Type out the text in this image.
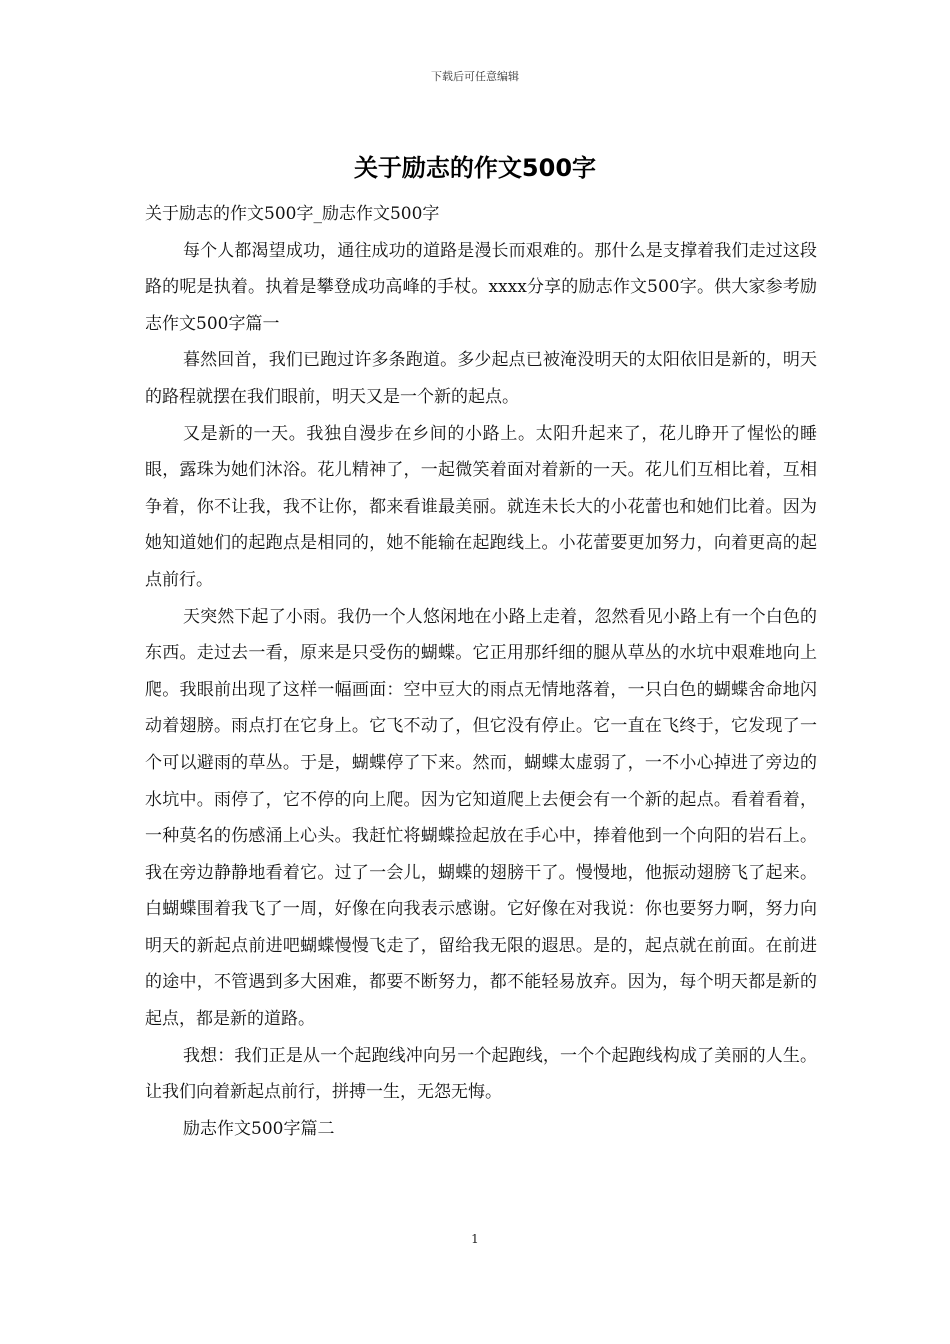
下载后可任意编辑
关于励志的作文500字

关于励志的作文500字_励志作文500字

每个人都渴望成功，通往成功的道路是漫长而艰难的。那什么是支撑着我们走过这段路的呢是执着。执着是攀登成功高峰的手杖。xxxx分享的励志作文500字。供大家参考励志作文500字篇一

暮然回首，我们已跑过许多条跑道。多少起点已被淹没明天的太阳依旧是新的，明天的路程就摆在我们眼前，明天又是一个新的起点。

又是新的一天。我独自漫步在乡间的小路上。太阳升起来了，花儿睁开了惺忪的睡眼，露珠为她们沐浴。花儿精神了，一起微笑着面对着新的一天。花儿们互相比着，互相争着，你不让我，我不让你，都来看谁最美丽。就连未长大的小花蕾也和她们比着。因为她知道她们的起跑点是相同的，她不能输在起跑线上。小花蕾要更加努力，向着更高的起点前行。

天突然下起了小雨。我仍一个人悠闲地在小路上走着，忽然看见小路上有一个白色的东西。走过去一看，原来是只受伤的蝴蝶。它正用那纤细的腿从草丛的水坑中艰难地向上爬。我眼前出现了这样一幅画面：空中豆大的雨点无情地落着，一只白色的蝴蝶舍命地闪动着翅膀。雨点打在它身上。它飞不动了，但它没有停止。它一直在飞终于，它发现了一个可以避雨的草丛。于是，蝴蝶停了下来。然而，蝴蝶太虚弱了，一不小心掉进了旁边的水坑中。雨停了，它不停的向上爬。因为它知道爬上去便会有一个新的起点。看着看着，一种莫名的伤感涌上心头。我赶忙将蝴蝶捡起放在手心中，捧着他到一个向阳的岩石上。我在旁边静静地看着它。过了一会儿，蝴蝶的翅膀干了。慢慢地，他振动翅膀飞了起来。白蝴蝶围着我飞了一周，好像在向我表示感谢。它好像在对我说：你也要努力啊，努力向明天的新起点前进吧蝴蝶慢慢飞走了，留给我无限的遐思。是的，起点就在前面。在前进的途中，不管遇到多大困难，都要不断努力，都不能轻易放弃。因为，每个明天都是新的起点，都是新的道路。

我想：我们正是从一个起跑线冲向另一个起跑线，一个个起跑线构成了美丽的人生。让我们向着新起点前行，拼搏一生，无怨无悔。

励志作文500字篇二

1
